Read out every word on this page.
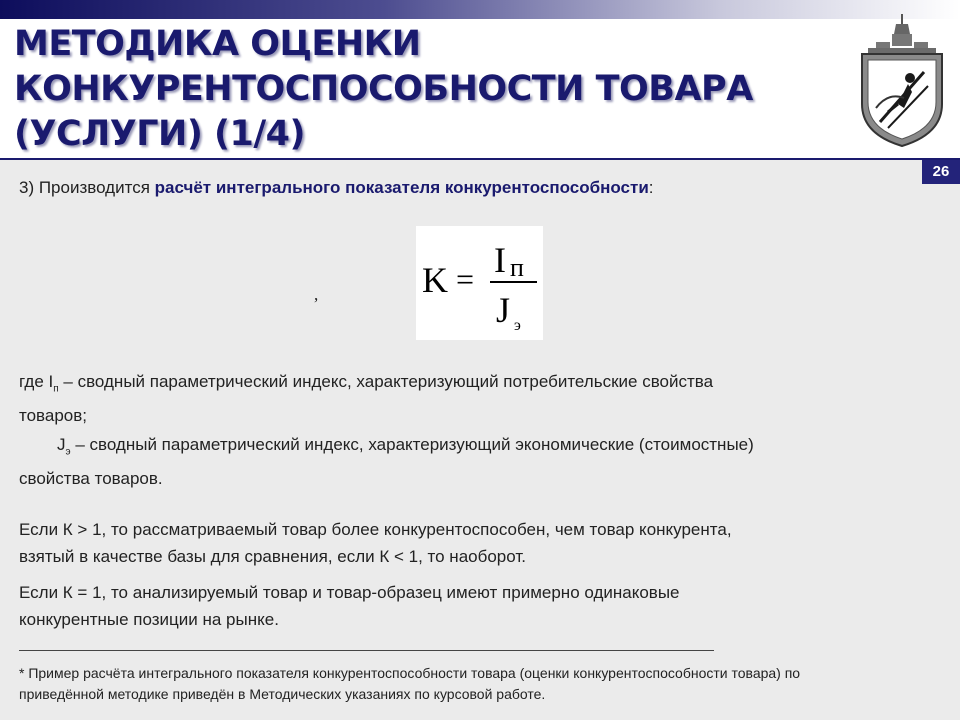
МЕТОДИКА ОЦЕНКИ
КОНКУРЕНТОСПОСОБНОСТИ ТОВАРА
(УСЛУГИ) (1/4)
26
3) Производится расчёт интегрального показателя конкурентоспособности:
K = I п
J э
,
где $I_п$ – сводный параметрический индекс, характеризующий потребительские свойства
товаров;
$J_э$ – сводный параметрический индекс, характеризующий экономические (стоимостные)
свойства товаров.
Если К > 1, то рассматриваемый товар более конкурентоспособен, чем товар конкурента,
взятый в качестве базы для сравнения, если К < 1, то наоборот.
Если К = 1, то анализируемый товар и товар-образец имеют примерно одинаковые
конкурентные позиции на рынке.
* Пример расчёта интегрального показателя конкурентоспособности товара (оценки конкурентоспособности товара) по
приведённой методике приведён в Методических указаниях по курсовой работе.
